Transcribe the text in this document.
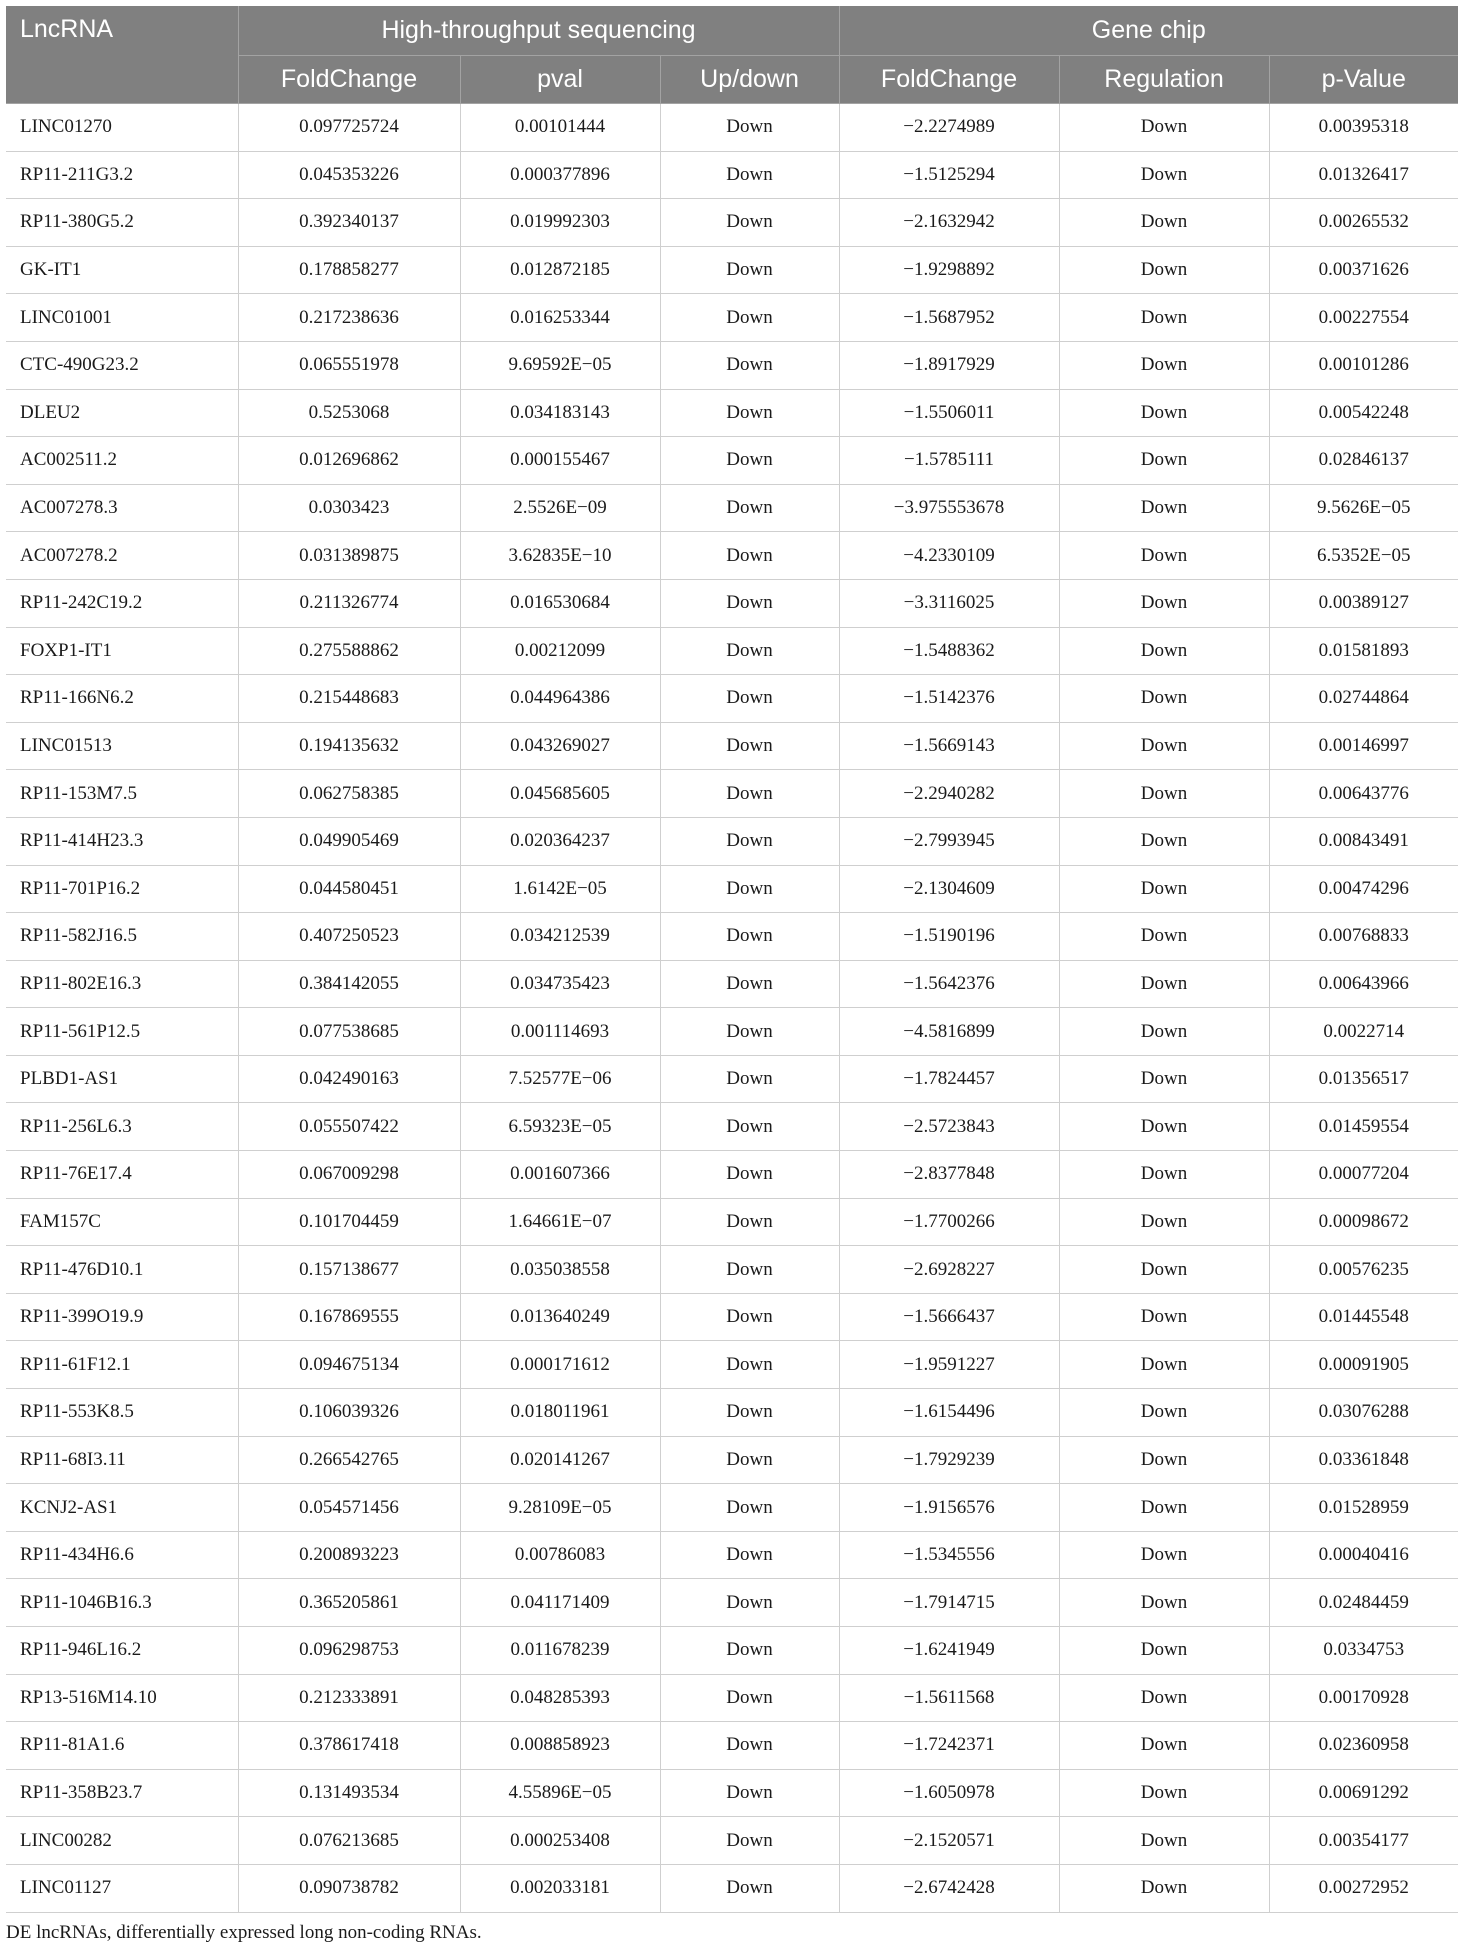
LncRNA	High-throughput sequencing			Gene chip		
	FoldChange	pval	Up/down	FoldChange	Regulation	p-Value
LINC01270	0.097725724	0.00101444	Down	−2.2274989	Down	0.00395318
RP11-211G3.2	0.045353226	0.000377896	Down	−1.5125294	Down	0.01326417
RP11-380G5.2	0.392340137	0.019992303	Down	−2.1632942	Down	0.00265532
GK-IT1	0.178858277	0.012872185	Down	−1.9298892	Down	0.00371626
LINC01001	0.217238636	0.016253344	Down	−1.5687952	Down	0.00227554
CTC-490G23.2	0.065551978	9.69592E−05	Down	−1.8917929	Down	0.00101286
DLEU2	0.5253068	0.034183143	Down	−1.5506011	Down	0.00542248
AC002511.2	0.012696862	0.000155467	Down	−1.5785111	Down	0.02846137
AC007278.3	0.0303423	2.5526E−09	Down	−3.975553678	Down	9.5626E−05
AC007278.2	0.031389875	3.62835E−10	Down	−4.2330109	Down	6.5352E−05
RP11-242C19.2	0.211326774	0.016530684	Down	−3.3116025	Down	0.00389127
FOXP1-IT1	0.275588862	0.00212099	Down	−1.5488362	Down	0.01581893
RP11-166N6.2	0.215448683	0.044964386	Down	−1.5142376	Down	0.02744864
LINC01513	0.194135632	0.043269027	Down	−1.5669143	Down	0.00146997
RP11-153M7.5	0.062758385	0.045685605	Down	−2.2940282	Down	0.00643776
RP11-414H23.3	0.049905469	0.020364237	Down	−2.7993945	Down	0.00843491
RP11-701P16.2	0.044580451	1.6142E−05	Down	−2.1304609	Down	0.00474296
RP11-582J16.5	0.407250523	0.034212539	Down	−1.5190196	Down	0.00768833
RP11-802E16.3	0.384142055	0.034735423	Down	−1.5642376	Down	0.00643966
RP11-561P12.5	0.077538685	0.001114693	Down	−4.5816899	Down	0.0022714
PLBD1-AS1	0.042490163	7.52577E−06	Down	−1.7824457	Down	0.01356517
RP11-256L6.3	0.055507422	6.59323E−05	Down	−2.5723843	Down	0.01459554
RP11-76E17.4	0.067009298	0.001607366	Down	−2.8377848	Down	0.00077204
FAM157C	0.101704459	1.64661E−07	Down	−1.7700266	Down	0.00098672
RP11-476D10.1	0.157138677	0.035038558	Down	−2.6928227	Down	0.00576235
RP11-399O19.9	0.167869555	0.013640249	Down	−1.5666437	Down	0.01445548
RP11-61F12.1	0.094675134	0.000171612	Down	−1.9591227	Down	0.00091905
RP11-553K8.5	0.106039326	0.018011961	Down	−1.6154496	Down	0.03076288
RP11-68I3.11	0.266542765	0.020141267	Down	−1.7929239	Down	0.03361848
KCNJ2-AS1	0.054571456	9.28109E−05	Down	−1.9156576	Down	0.01528959
RP11-434H6.6	0.200893223	0.00786083	Down	−1.5345556	Down	0.00040416
RP11-1046B16.3	0.365205861	0.041171409	Down	−1.7914715	Down	0.02484459
RP11-946L16.2	0.096298753	0.011678239	Down	−1.6241949	Down	0.0334753
RP13-516M14.10	0.212333891	0.048285393	Down	−1.5611568	Down	0.00170928
RP11-81A1.6	0.378617418	0.008858923	Down	−1.7242371	Down	0.02360958
RP11-358B23.7	0.131493534	4.55896E−05	Down	−1.6050978	Down	0.00691292
LINC00282	0.076213685	0.000253408	Down	−2.1520571	Down	0.00354177
LINC01127	0.090738782	0.002033181	Down	−2.6742428	Down	0.00272952
DE lncRNAs, differentially expressed long non-coding RNAs.
